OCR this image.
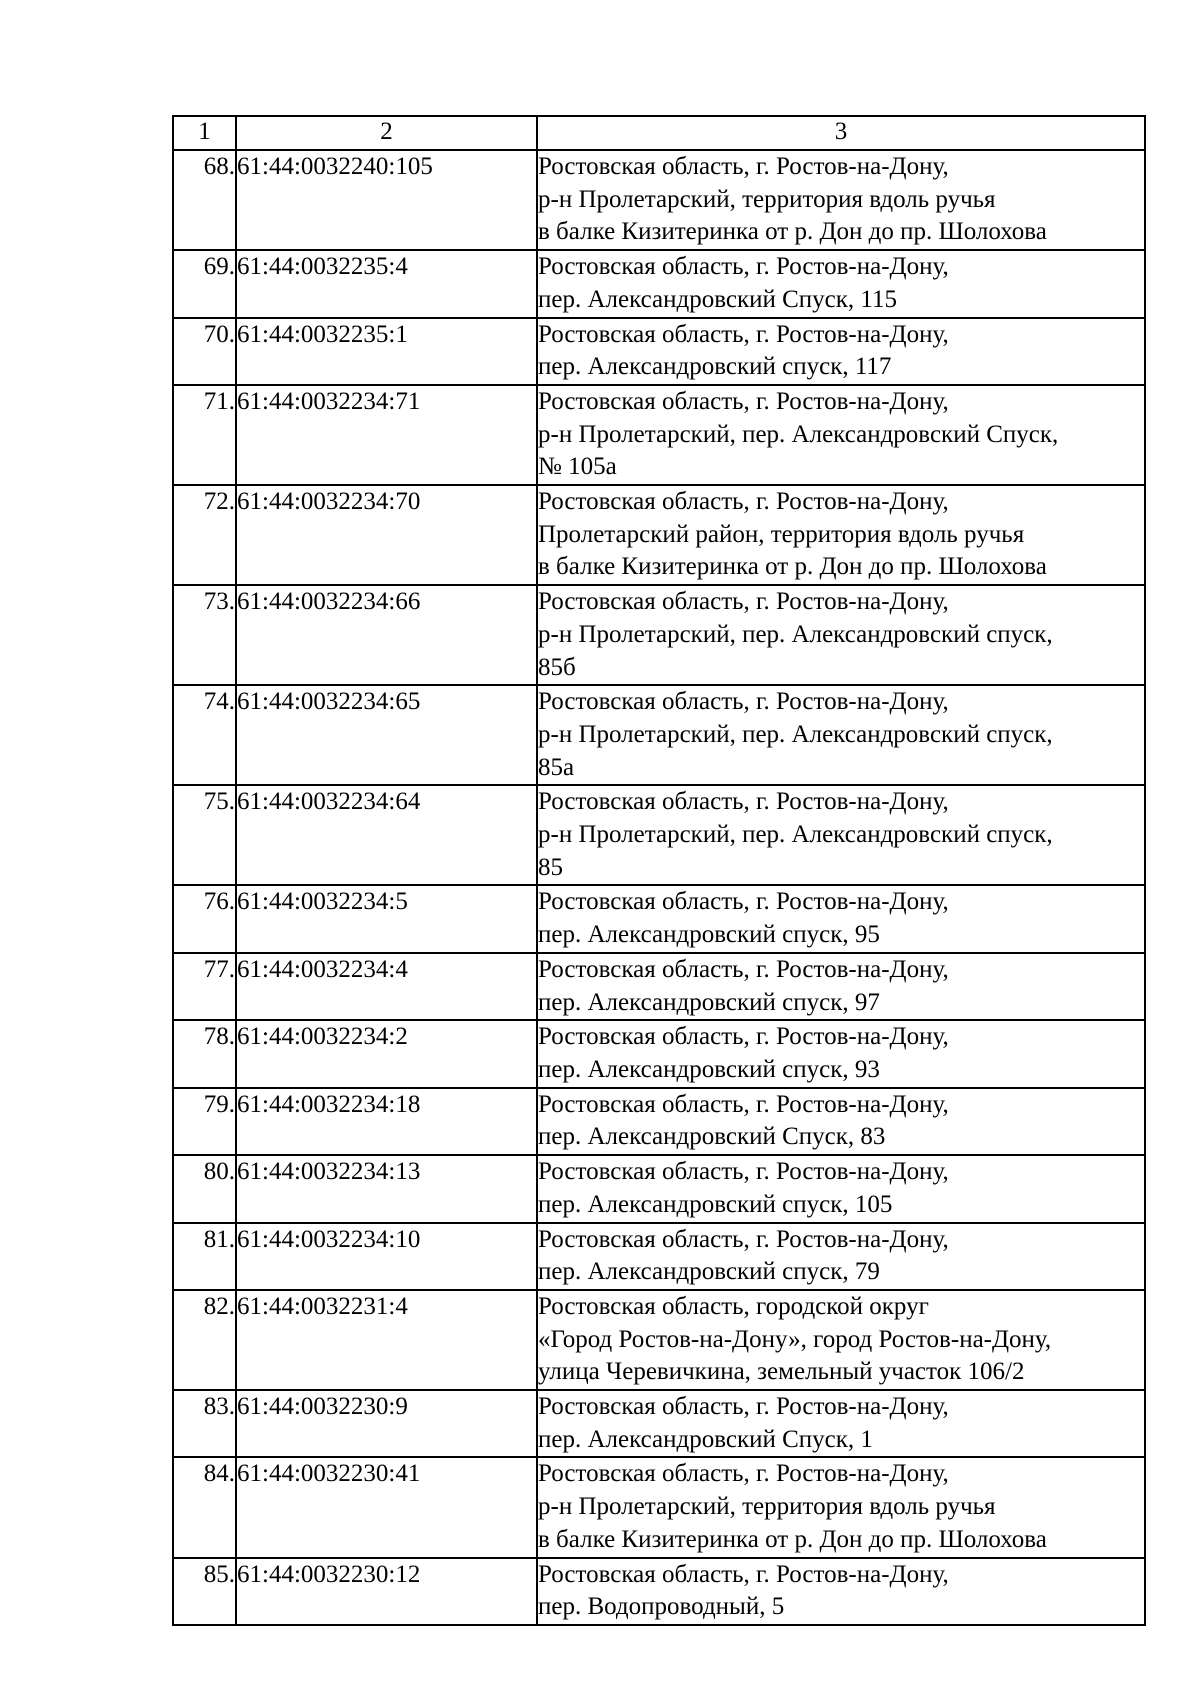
1	2	3
68.	61:44:0032240:105	Ростовская область, г. Ростов-на-Дону,
р-н Пролетарский, территория вдоль ручья
в балке Кизитеринка от р. Дон до пр. Шолохова

69.	61:44:0032235:4	Ростовская область, г. Ростов-на-Дону,
пер. Александровский Спуск, 115

70.	61:44:0032235:1	Ростовская область, г. Ростов-на-Дону,
пер. Александровский спуск, 117

71.	61:44:0032234:71	Ростовская область, г. Ростов-на-Дону,
р-н Пролетарский, пер. Александровский Спуск,
№ 105а

72.	61:44:0032234:70	Ростовская область, г. Ростов-на-Дону,
Пролетарский район, территория вдоль ручья
в балке Кизитеринка от р. Дон до пр. Шолохова

73.	61:44:0032234:66	Ростовская область, г. Ростов-на-Дону,
р-н Пролетарский, пер. Александровский спуск,
85б

74.	61:44:0032234:65	Ростовская область, г. Ростов-на-Дону,
р-н Пролетарский, пер. Александровский спуск,
85а

75.	61:44:0032234:64	Ростовская область, г. Ростов-на-Дону,
р-н Пролетарский, пер. Александровский спуск,
85

76.	61:44:0032234:5	Ростовская область, г. Ростов-на-Дону,
пер. Александровский спуск, 95

77.	61:44:0032234:4	Ростовская область, г. Ростов-на-Дону,
пер. Александровский спуск, 97

78.	61:44:0032234:2	Ростовская область, г. Ростов-на-Дону,
пер. Александровский спуск, 93

79.	61:44:0032234:18	Ростовская область, г. Ростов-на-Дону,
пер. Александровский Спуск, 83

80.	61:44:0032234:13	Ростовская область, г. Ростов-на-Дону,
пер. Александровский спуск, 105

81.	61:44:0032234:10	Ростовская область, г. Ростов-на-Дону,
пер. Александровский спуск, 79

82.	61:44:0032231:4	Ростовская область, городской округ
«Город Ростов-на-Дону», город Ростов-на-Дону,
улица Черевичкина, земельный участок 106/2

83.	61:44:0032230:9	Ростовская область, г. Ростов-на-Дону,
пер. Александровский Спуск, 1

84.	61:44:0032230:41	Ростовская область, г. Ростов-на-Дону,
р-н Пролетарский, территория вдоль ручья
в балке Кизитеринка от р. Дон до пр. Шолохова

85.	61:44:0032230:12	Ростовская область, г. Ростов-на-Дону,
пер. Водопроводный, 5
